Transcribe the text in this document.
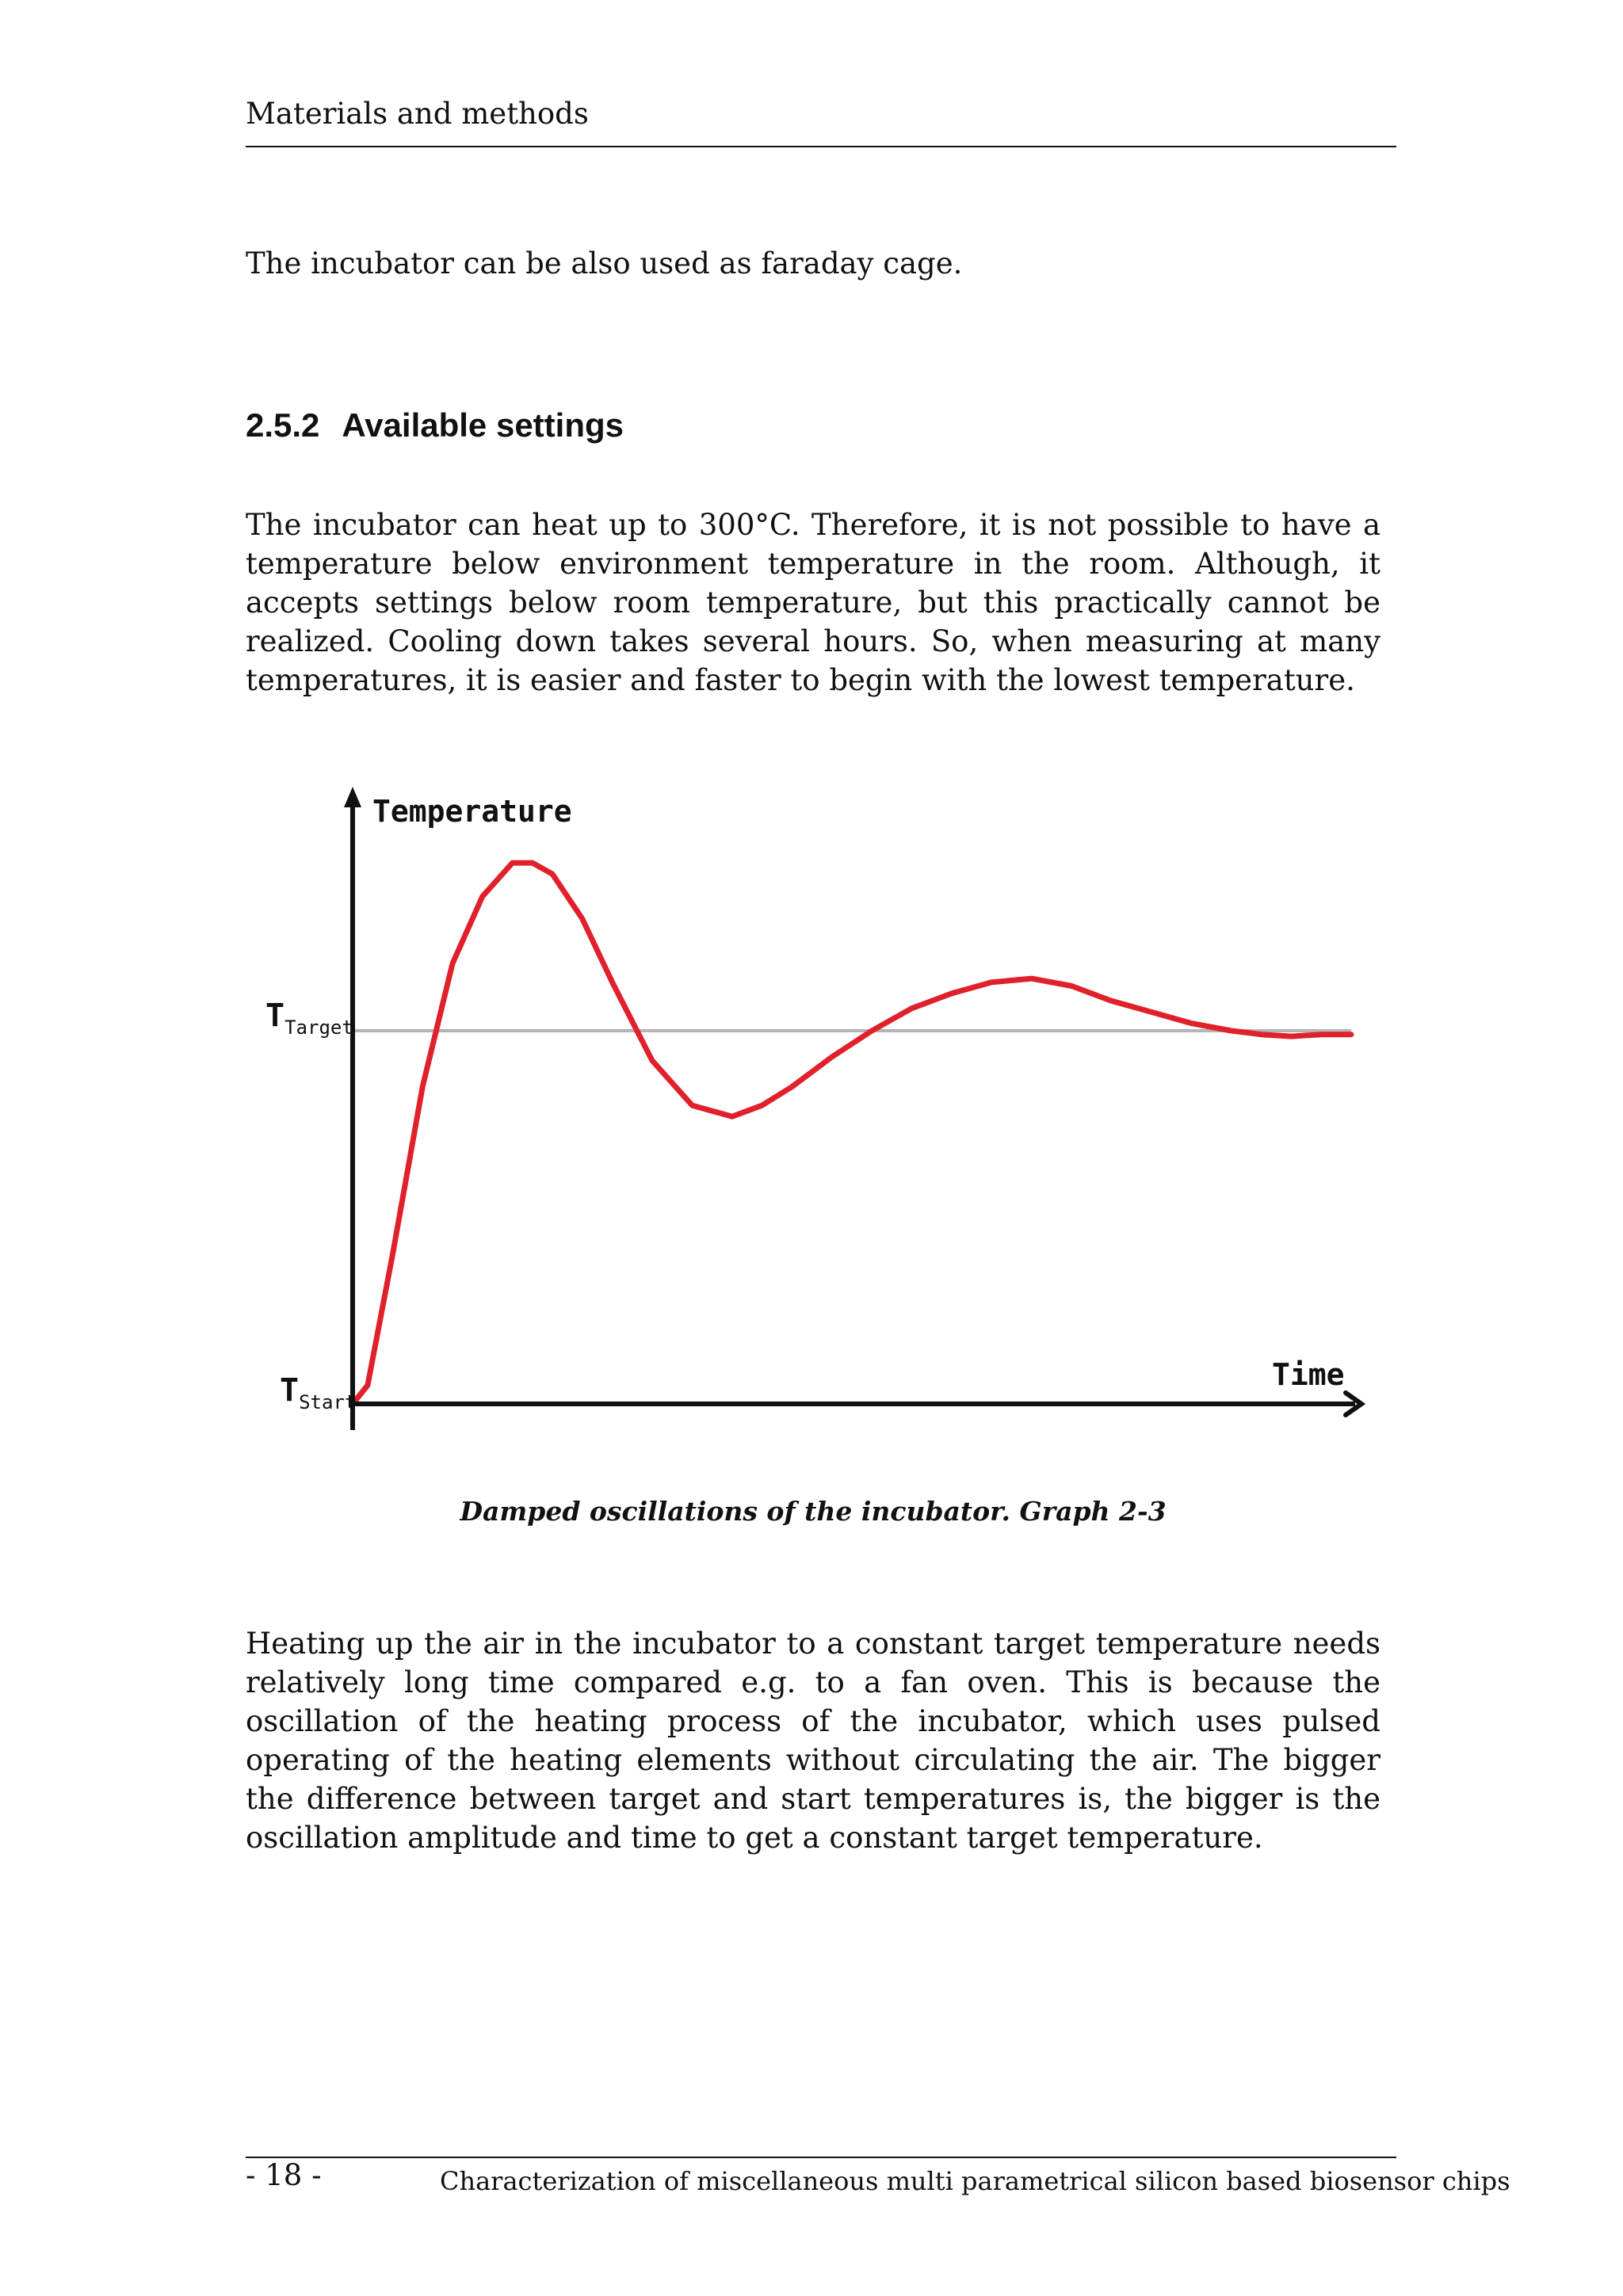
Materials and methods

The incubator can be also used as faraday cage.

2.5.2 Available settings

The incubator can heat up to 300°C. Therefore, it is not possible to have a temperature below environment temperature in the room. Although, it accepts settings below room temperature, but this practically cannot be realized. Cooling down takes several hours. So, when measuring at many temperatures, it is easier and faster to begin with the lowest temperature.

Temperature
Time
TTarget
TStart
Damped oscillations of the incubator. Graph 2-3

Heating up the air in the incubator to a constant target temperature needs relatively long time compared e.g. to a fan oven. This is because the oscillation of the heating process of the incubator, which uses pulsed operating of the heating elements without circulating the air. The bigger the difference between target and start temperatures is, the bigger is the oscillation amplitude and time to get a constant target temperature.

- 18 -	Characterization of miscellaneous multi parametrical silicon based biosensor chips
